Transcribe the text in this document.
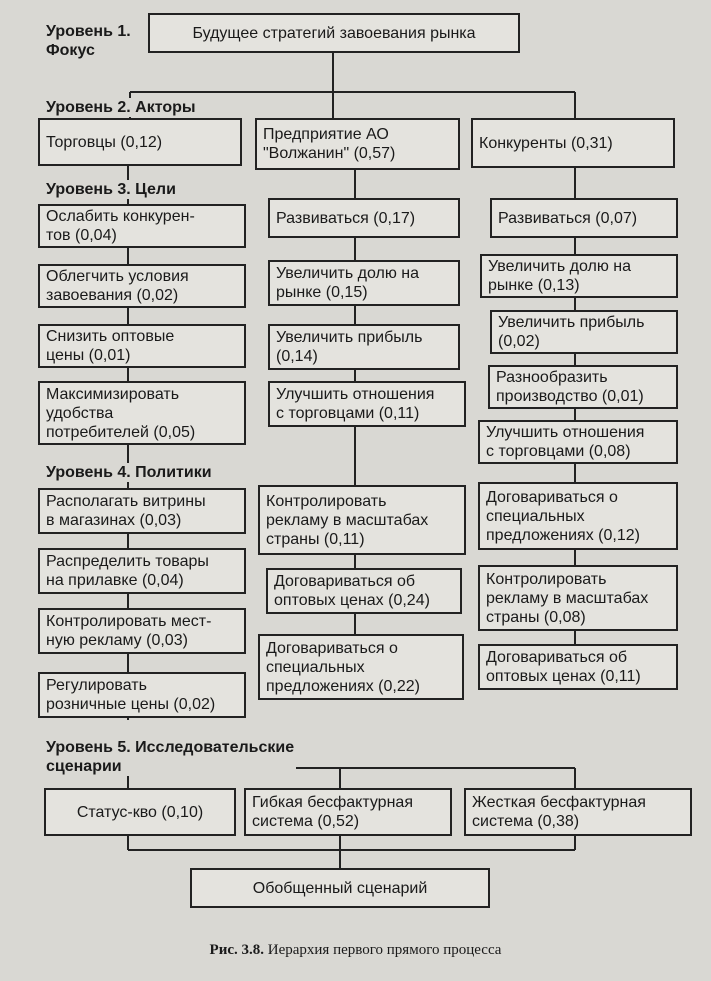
Уровень 1.
Фокус
Уровень 2. Акторы
Уровень 3. Цели
Уровень 4. Политики
Уровень 5. Исследовательские
сценарии
Будущее стратегий завоевания рынка
Торговцы (0,12)	Предприятие АО
"Волжанин" (0,57)
Конкуренты (0,31)
Ослабить конкурен-
тов (0,04)
Облегчить условия
завоевания (0,02)
Снизить оптовые
цены (0,01)
Максимизировать
удобства
потребителей (0,05)
Развиваться (0,17)
Увеличить долю на
рынке (0,15)
Увеличить прибыль
(0,14)
Улучшить отношения
с торговцами (0,11)
Развиваться (0,07)
Увеличить долю на
рынке (0,13)
Увеличить прибыль
(0,02)
Разнообразить
производство (0,01)
Улучшить отношения
с торговцами (0,08)
Располагать витрины
в магазинах (0,03)
Распределить товары
на прилавке (0,04)
Контролировать мест-
ную рекламу (0,03)
Регулировать
розничные цены (0,02)
Контролировать
рекламу в масштабах
страны (0,11)
Договариваться об
оптовых ценах (0,24)
Договариваться о
специальных
предложениях (0,22)
Договариваться о
специальных
предложениях (0,12)
Контролировать
рекламу в масштабах
страны (0,08)
Договариваться об
оптовых ценах (0,11)
Статус-кво (0,10)
Гибкая бесфактурная
система (0,52)
Жесткая бесфактурная
система (0,38)
Обобщенный сценарий
Рис. 3.8. Иерархия первого прямого процесса
